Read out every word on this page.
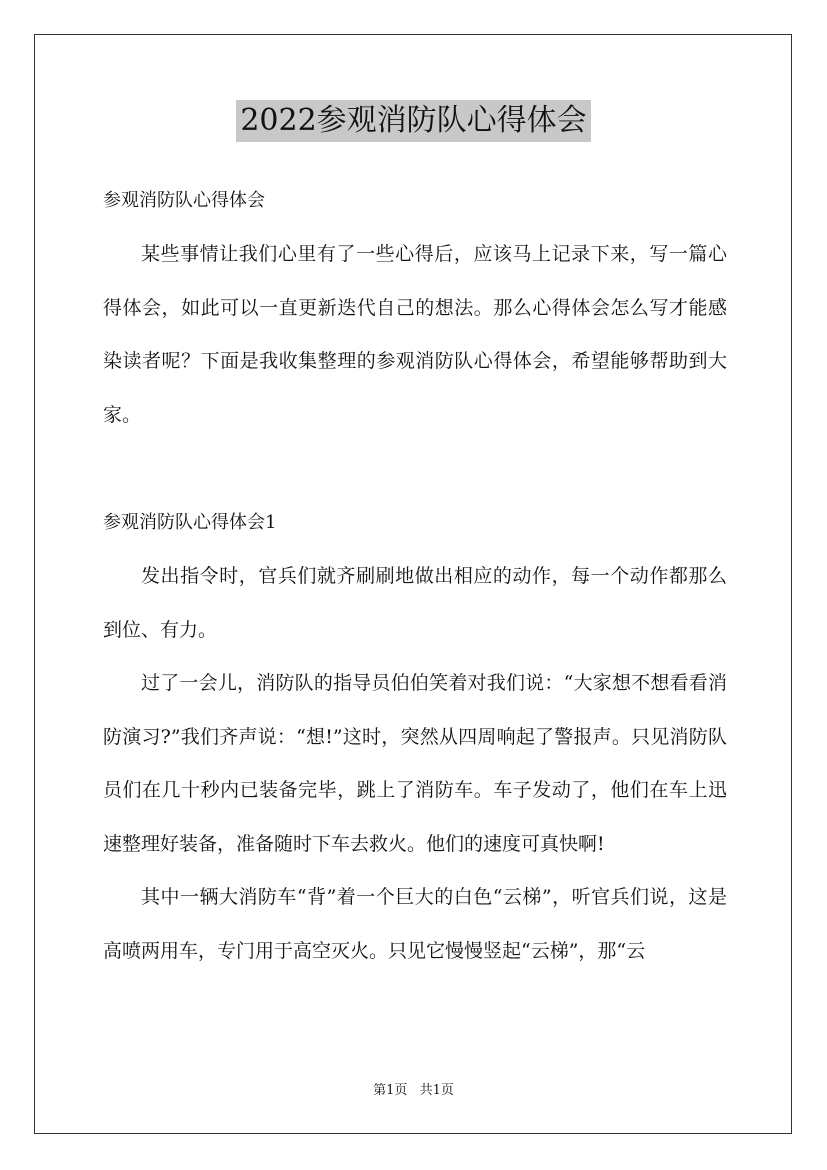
2022参观消防队心得体会

参观消防队心得体会

某些事情让我们心里有了一些心得后，应该马上记录下来，写一篇心得体会，如此可以一直更新迭代自己的想法。那么心得体会怎么写才能感染读者呢？下面是我收集整理的参观消防队心得体会，希望能够帮助到大家。

参观消防队心得体会1

发出指令时，官兵们就齐刷刷地做出相应的动作，每一个动作都那么到位、有力。

过了一会儿，消防队的指导员伯伯笑着对我们说：“大家想不想看看消防演习?”我们齐声说：“想!”这时，突然从四周响起了警报声。只见消防队员们在几十秒内已装备完毕，跳上了消防车。车子发动了，他们在车上迅速整理好装备，准备随时下车去救火。他们的速度可真快啊!

其中一辆大消防车“背”着一个巨大的白色“云梯”，听官兵们说，这是高喷两用车，专门用于高空灭火。只见它慢慢竖起“云梯”，那“云

第1页 共1页
